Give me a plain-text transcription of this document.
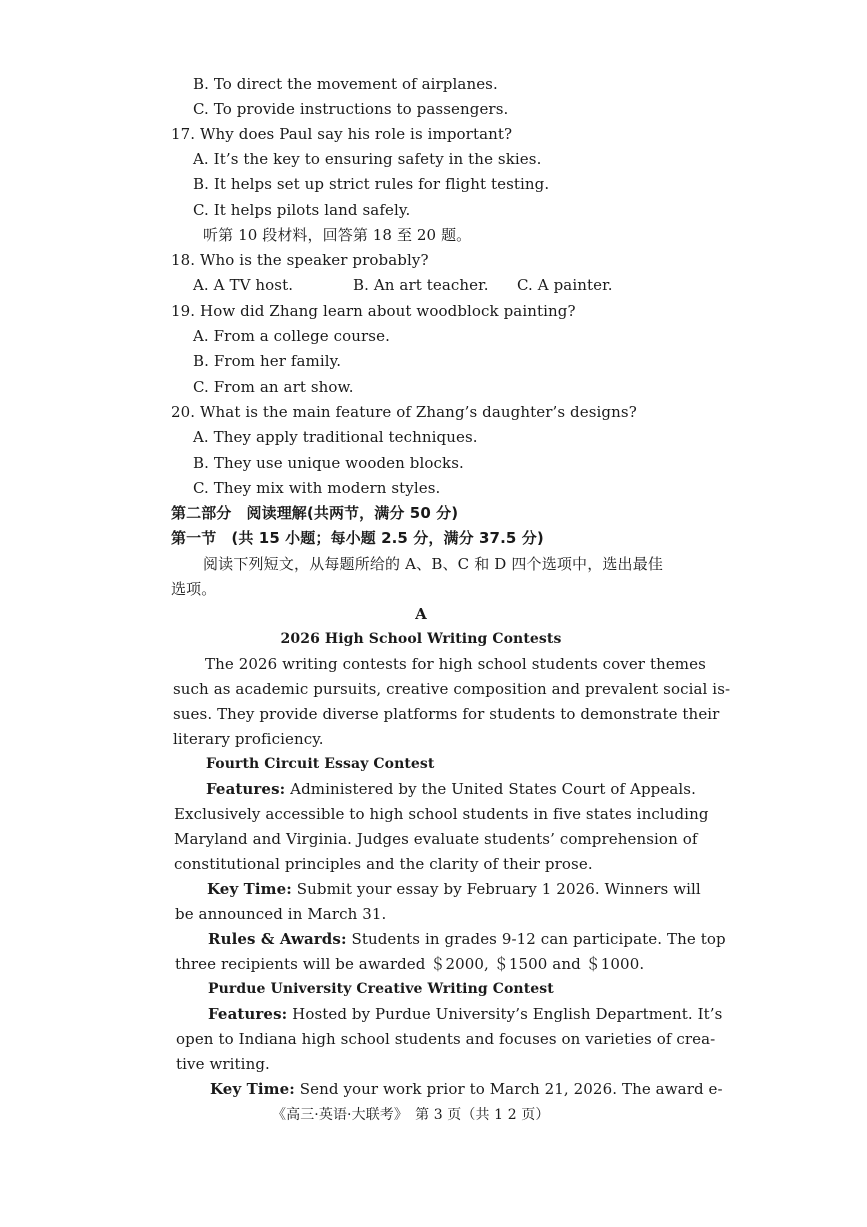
B. To direct the movement of airplanes.
C. To provide instructions to passengers.
17. Why does Paul say his role is important?
A. It’s the key to ensuring safety in the skies.
B. It helps set up strict rules for flight testing.
C. It helps pilots land safely.
听第 10 段材料，回答第 18 至 20 题。
18. Who is the speaker probably?
A. A TV host.	B. An art teacher. C. A painter.
19. How did Zhang learn about woodblock painting?
A. From a college course.
B. From her family.
C. From an art show.
20. What is the main feature of Zhang’s daughter’s designs?
A. They apply traditional techniques.
B. They use unique wooden blocks.
C. They mix with modern styles.
第二部分　阅读理解(共两节，满分 50 分)
第一节　(共 15 小题；每小题 2.5 分，满分 37.5 分)
阅读下列短文，从每题所给的 A、B、C 和 D 四个选项中，选出最佳
选项。
A
2026 High School Writing Contests
The 2026 writing contests for high school students cover themes
such as academic pursuits, creative composition and prevalent social is-
sues. They provide diverse platforms for students to demonstrate their
literary proficiency.
Fourth Circuit Essay Contest
Features: Administered by the United States Court of Appeals.
Exclusively accessible to high school students in five states including
Maryland and Virginia. Judges evaluate students’ comprehension of
constitutional principles and the clarity of their prose.
Key Time: Submit your essay by February 1 2026. Winners will
be announced in March 31.
Rules & Awards: Students in grades 9-12 can participate. The top
three recipients will be awarded ＄2000, ＄1500 and ＄1000.
Purdue University Creative Writing Contest
Features: Hosted by Purdue University’s English Department. It’s
open to Indiana high school students and focuses on varieties of crea-
tive writing.
Key Time: Send your work prior to March 21, 2026. The award e-
《高三·英语·大联考》　第 3 页（共 1 2 页）
